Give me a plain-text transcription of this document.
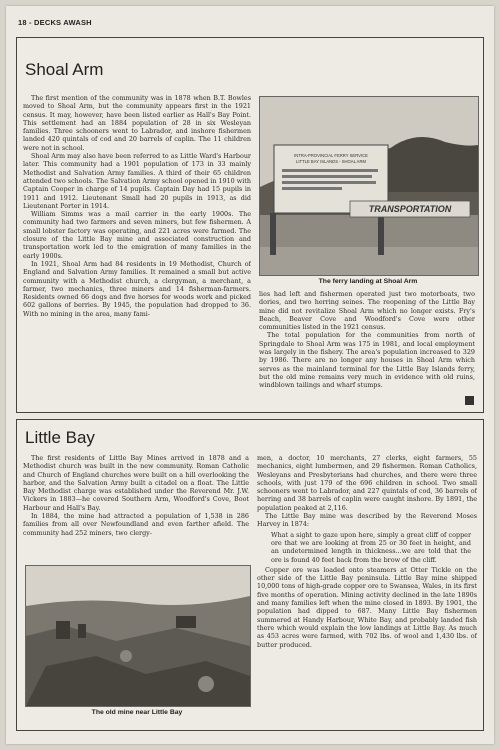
18 - DECKS AWASH
Shoal Arm

The first mention of the community was in 1878 when B.T. Bowles moved to Shoal Arm, but the community appears first in the 1921 census. It may, however, have been listed earlier as Hall's Bay Point. This settlement had an 1884 population of 28 in six Wesleyan families. Three schooners went to Labrador, and inshore fishermen landed 420 quintals of cod and 20 barrels of caplin. The 11 children were not in school.

Shoal Arm may also have been referred to as Little Ward's Harbour later. This community had a 1901 population of 173 in 33 mainly Methodist and Salvation Army families. A third of their 65 children attended two schools. The Salvation Army school opened in 1910 with Captain Cooper in charge of 14 pupils. Captain Day had 15 pupils in 1911 and 1912. Lieutenant Small had 20 pupils in 1913, as did Lieutenant Porter in 1914.

William Simms was a mail carrier in the early 1900s. The community had two farmers and seven miners, but few fishermen. A small lobster factory was operating, and 221 acres were farmed. The closure of the Little Bay mine and associated construction and transportation work led to the emigration of many families in the early 1900s.

In 1921, Shoal Arm had 84 residents in 19 Methodist, Church of England and Salvation Army families. It remained a small but active community with a Methodist church, a clergyman, a merchant, a farmer, two mechanics, three miners and 14 fisherman-farmers. Residents owned 66 dogs and five horses for woods work and picked 602 gallons of berries. By 1945, the population had dropped to 36. With no mining in the area, many fami-

INTRA-PROVINCIAL FERRY SERVICE
LITTLE BAY ISLANDS - SHOAL ARM
TRANSPORTATION
The ferry landing at Shoal Arm

lies had left and fishermen operated just two motorboats, two dories, and two herring seines. The reopening of the Little Bay mine did not revitalize Shoal Arm which no longer exists. Fry's Beach, Beaver Cove and Woodford's Cove were other communities listed in the 1921 census.

The total population for the communities from north of Springdale to Shoal Arm was 175 in 1981, and local employment was largely in the fishery. The area's population increased to 329 by 1986. There are no longer any houses in Shoal Arm which serves as the mainland terminal for the Little Bay Islands ferry, but the old mine remains very much in evidence with old ruins, windblown tailings and wharf stumps.

Little Bay

The first residents of Little Bay Mines arrived in 1878 and a Methodist church was built in the new community. Roman Catholic and Church of England churches were built on a hill overlooking the harbor, and the Salvation Army built a citadel on a float. The Little Bay Methodist charge was established under the Reverend Mr. J.W. Vickers in 1883—he covered Southern Arm, Woodford's Cove, Boot Harbour and Hall's Bay.

In 1884, the mine had attracted a population of 1,538 in 286 families from all over Newfoundland and even farther afield. The community had 252 miners, two clergy-

The old mine near Little Bay

men, a doctor, 10 merchants, 27 clerks, eight farmers, 55 mechanics, eight lumbermen, and 29 fishermen. Roman Catholics, Wesleyans and Presbyterians had churches, and there were three schools, with just 179 of the 696 children in school. Two small schooners went to Labrador, and 227 quintals of cod, 36 barrels of herring and 38 barrels of caplin were caught inshore. By 1891, the population peaked at 2,116.

The Little Bay mine was described by the Reverend Moses Harvey in 1874:

What a sight to gaze upon here, simply a great cliff of copper ore that we are looking at from 25 or 30 feet in height, and an undetermined length in thickness...we are told that the ore is found 40 feet back from the brow of the cliff.

Copper ore was loaded onto steamers at Otter Tickle on the other side of the Little Bay peninsula. Little Bay mine shipped 10,000 tons of high-grade copper ore to Swansea, Wales, in its first five months of operation. Mining activity declined in the late 1890s and many families left when the mine closed in 1893. By 1901, the population had dipped to 687. Many Little Bay fishermen summered at Handy Harbour, White Bay, and probably landed fish there which would explain the low landings at Little Bay. As much as 453 acres were farmed, with 702 lbs. of wool and 1,430 lbs. of butter produced.
